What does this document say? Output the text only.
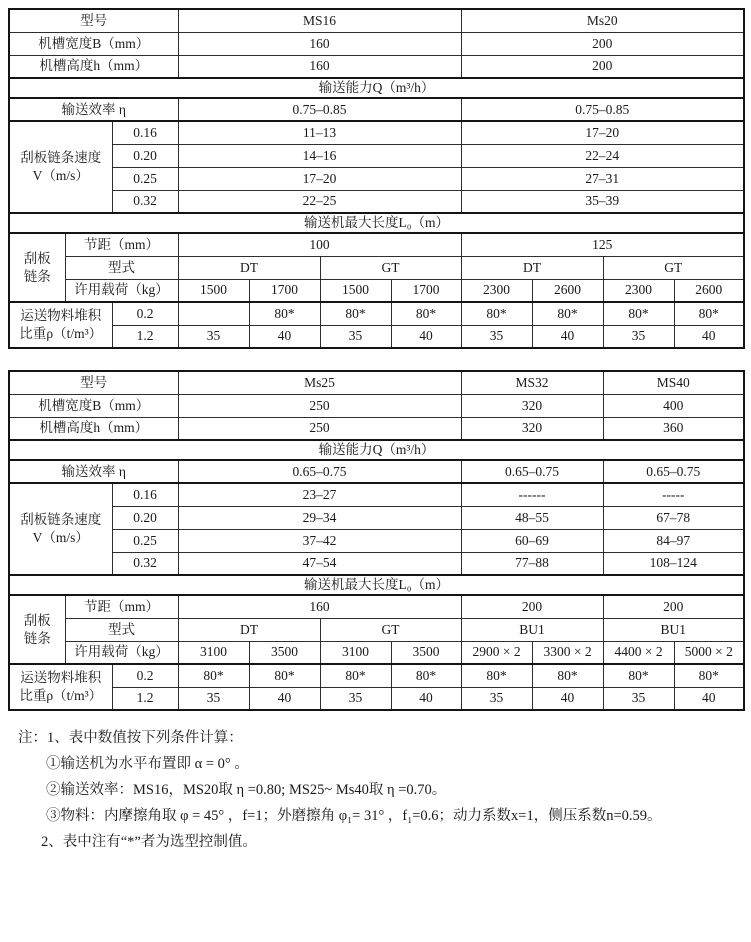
型号			MS16				Ms20			
机槽宽度B（mm）			160				200			
机槽高度h（mm）			160				200			
输送能力Q（m³/h）										
输送效率 η			0.75–0.85				0.75–0.85			

刮板链条速度
V（m/s）		0.16	11–13				17–20			
		0.20	14–16				22–24			
		0.25	17–20				27–31			
		0.32	22–25				35–39			
输送机最大长度L₀（m）										

刮板
链条	节距（mm）		100				125			
	型式		DT		GT		DT		GT	
	许用载荷（kg）		1500	1700	1500	1700	2300	2600	2300	2600

运送物料堆积
比重ρ（t/m³）		0.2		80*	80*	80*	80*	80*	80*	80*
		1.2	35	40	35	40	35	40	35	40
型号			Ms25				MS32		MS40	
机槽宽度B（mm）			250				320		400	
机槽高度h（mm）			250				320		360	
输送能力Q（m³/h）										
输送效率 η			0.65–0.75				0.65–0.75		0.65–0.75	

刮板链条速度
V（m/s）		0.16	23–27				------		-----	
		0.20	29–34				48–55		67–78	
		0.25	37–42				60–69		84–97	
		0.32	47–54				77–88		108–124	
输送机最大长度L₀（m）										

刮板
链条	节距（mm）		160				200		200	
	型式		DT		GT		BU1		BU1	
	许用载荷（kg）		3100	3500	3100	3500	2900 × 2	3300 × 2	4400 × 2	5000 × 2

运送物料堆积
比重ρ（t/m³）		0.2	80*	80*	80*	80*	80*	80*	80*	80*
		1.2	35	40	35	40	35	40	35	40
注：1、表中数值按下列条件计算：
①输送机为水平布置即 α = 0° 。
②输送效率：MS16，MS20取 η =0.80; MS25~ Ms40取 η =0.70。
③物料：内摩擦角取 φ = 45° ，f=1；外磨擦角 φ₁= 31° ，f₁=0.6；动力系数x=1，侧压系数n=0.59。
2、表中注有“*”者为选型控制值。
